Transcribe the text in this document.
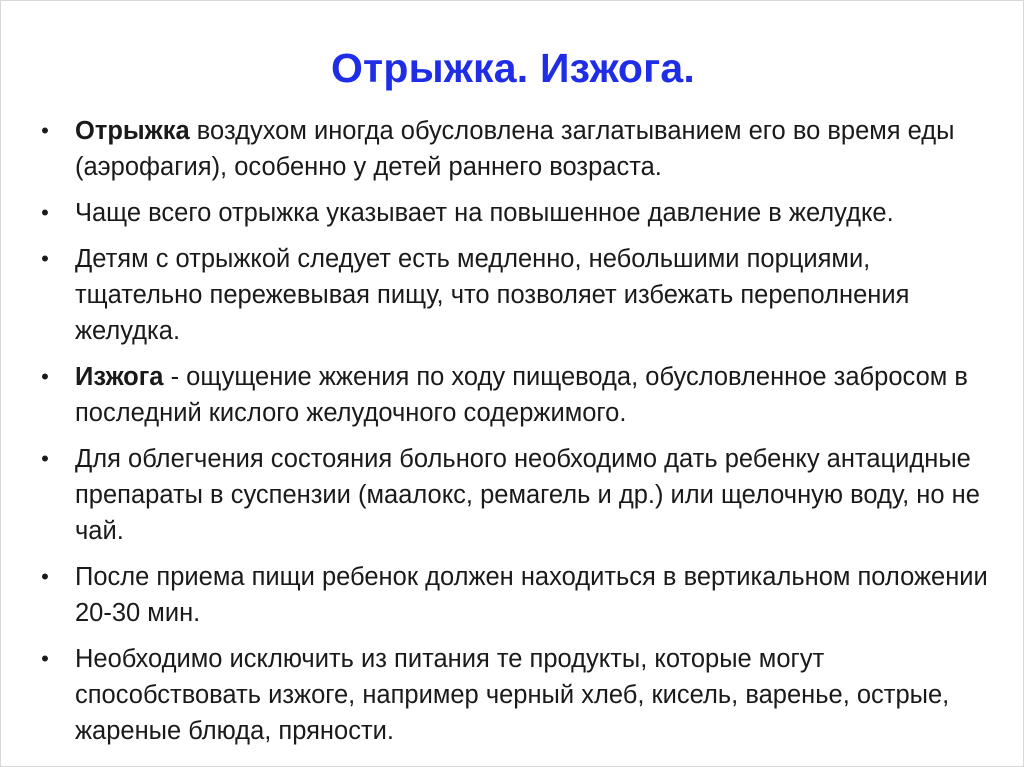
Отрыжка. Изжога.
• Отрыжка воздухом иногда обусловлена заглатыванием его во время еды (аэрофагия), особенно у детей раннего возраста.
• Чаще всего отрыжка указывает на повышенное давление в желудке.
• Детям с отрыжкой следует есть медленно, небольшими порциями, тщательно пережевывая пищу, что позволяет избежать переполнения желудка.
• Изжога - ощущение жжения по ходу пищевода, обусловленное забросом в последний кислого желудочного содержимого.
• Для облегчения состояния больного необходимо дать ребенку антацидные препараты в суспензии (маалокс, ремагель и др.) или щелочную воду, но не чай.
• После приема пищи ребенок должен находиться в вертикальном положении 20-30 мин.
• Необходимо исключить из питания те продукты, которые могут способствовать изжоге, например черный хлеб, кисель, варенье, острые, жареные блюда, пряности.
